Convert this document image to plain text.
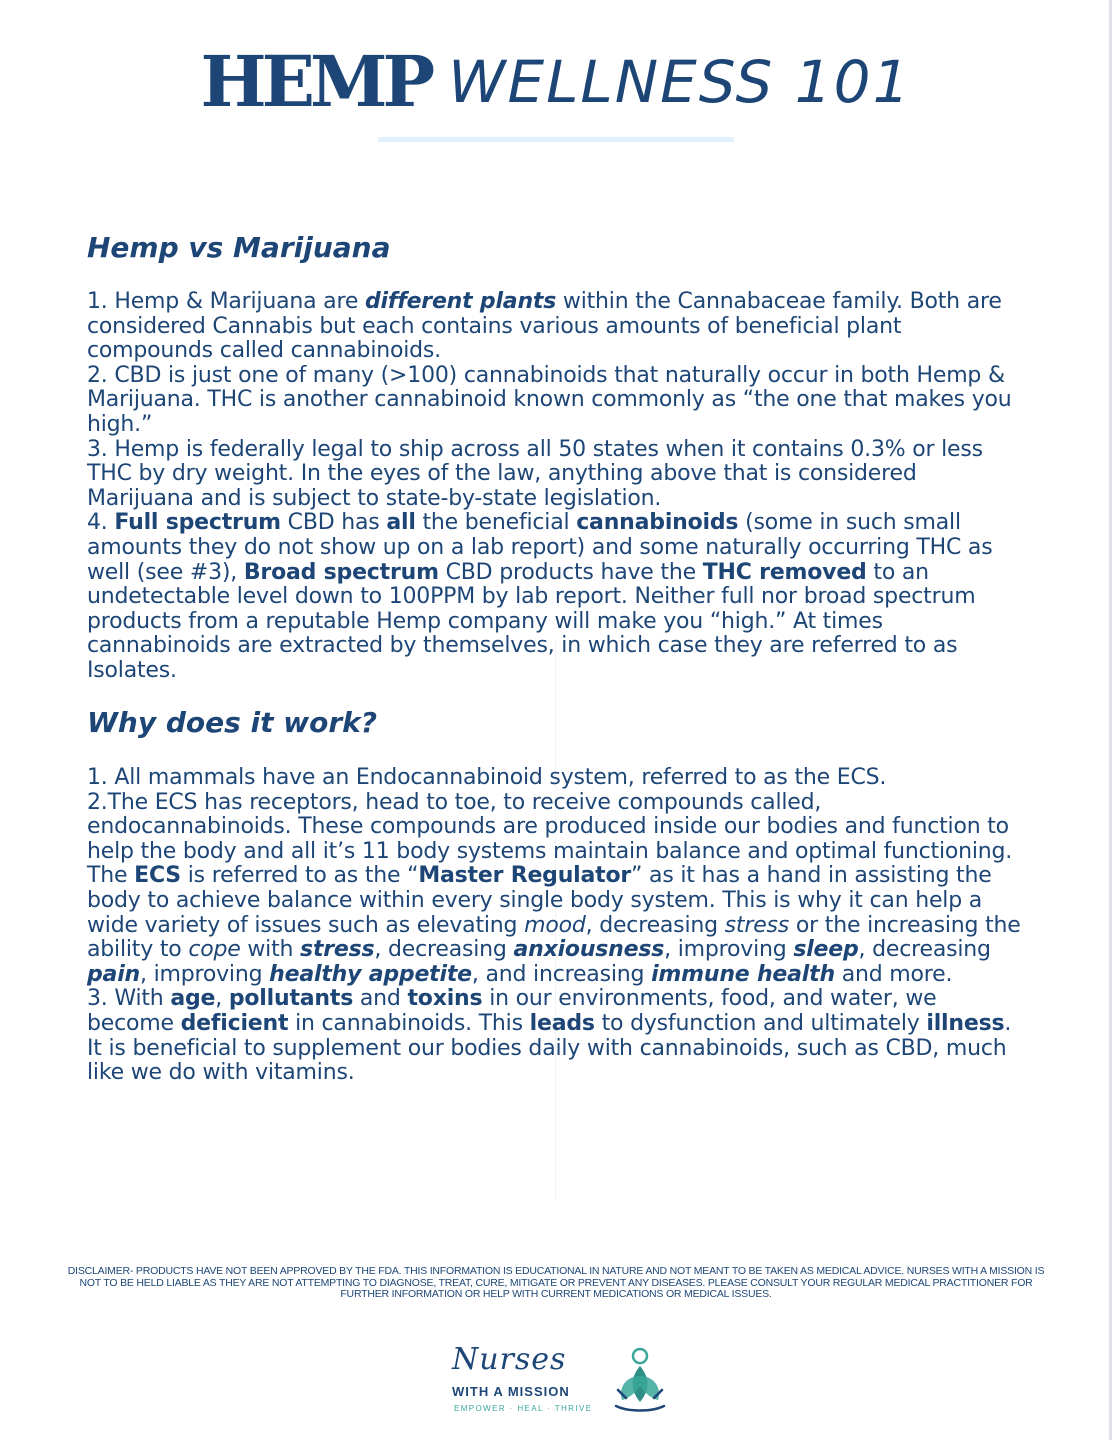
HEMP WELLNESS 101
Hemp vs Marijuana

1. Hemp & Marijuana are different plants within the Cannabaceae family. Both are considered Cannabis but each contains various amounts of beneficial plant compounds called cannabinoids.

2. CBD is just one of many (>100) cannabinoids that naturally occur in both Hemp & Marijuana. THC is another cannabinoid known commonly as “the one that makes you high.”

3. Hemp is federally legal to ship across all 50 states when it contains 0.3% or less THC by dry weight. In the eyes of the law, anything above that is considered Marijuana and is subject to state-by-state legislation.

4. Full spectrum CBD has all the beneficial cannabinoids (some in such small amounts they do not show up on a lab report) and some naturally occurring THC as well (see #3), Broad spectrum CBD products have the THC removed to an undetectable level down to 100PPM by lab report. Neither full nor broad spectrum products from a reputable Hemp company will make you “high.” At times cannabinoids are extracted by themselves, in which case they are referred to as Isolates.

Why does it work?

1. All mammals have an Endocannabinoid system, referred to as the ECS.

2.The ECS has receptors, head to toe, to receive compounds called, endocannabinoids. These compounds are produced inside our bodies and function to help the body and all it’s 11 body systems maintain balance and optimal functioning. The ECS is referred to as the “Master Regulator” as it has a hand in assisting the body to achieve balance within every single body system. This is why it can help a wide variety of issues such as elevating mood, decreasing stress or the increasing the ability to cope with stress, decreasing anxiousness, improving sleep, decreasing pain, improving healthy appetite, and increasing immune health and more.

3. With age, pollutants and toxins in our environments, food, and water, we become deficient in cannabinoids. This leads to dysfunction and ultimately illness. It is beneficial to supplement our bodies daily with cannabinoids, such as CBD, much like we do with vitamins.

DISCLAIMER- PRODUCTS HAVE NOT BEEN APPROVED BY THE FDA. THIS INFORMATION IS EDUCATIONAL IN NATURE AND NOT MEANT TO BE TAKEN AS MEDICAL ADVICE. NURSES WITH A MISSION IS NOT TO BE HELD LIABLE AS THEY ARE NOT ATTEMPTING TO DIAGNOSE, TREAT, CURE, MITIGATE OR PREVENT ANY DISEASES. PLEASE CONSULT YOUR REGULAR MEDICAL PRACTITIONER FOR FURTHER INFORMATION OR HELP WITH CURRENT MEDICATIONS OR MEDICAL ISSUES.
Nurses
WITH A MISSION
EMPOWER · HEAL · THRIVE
